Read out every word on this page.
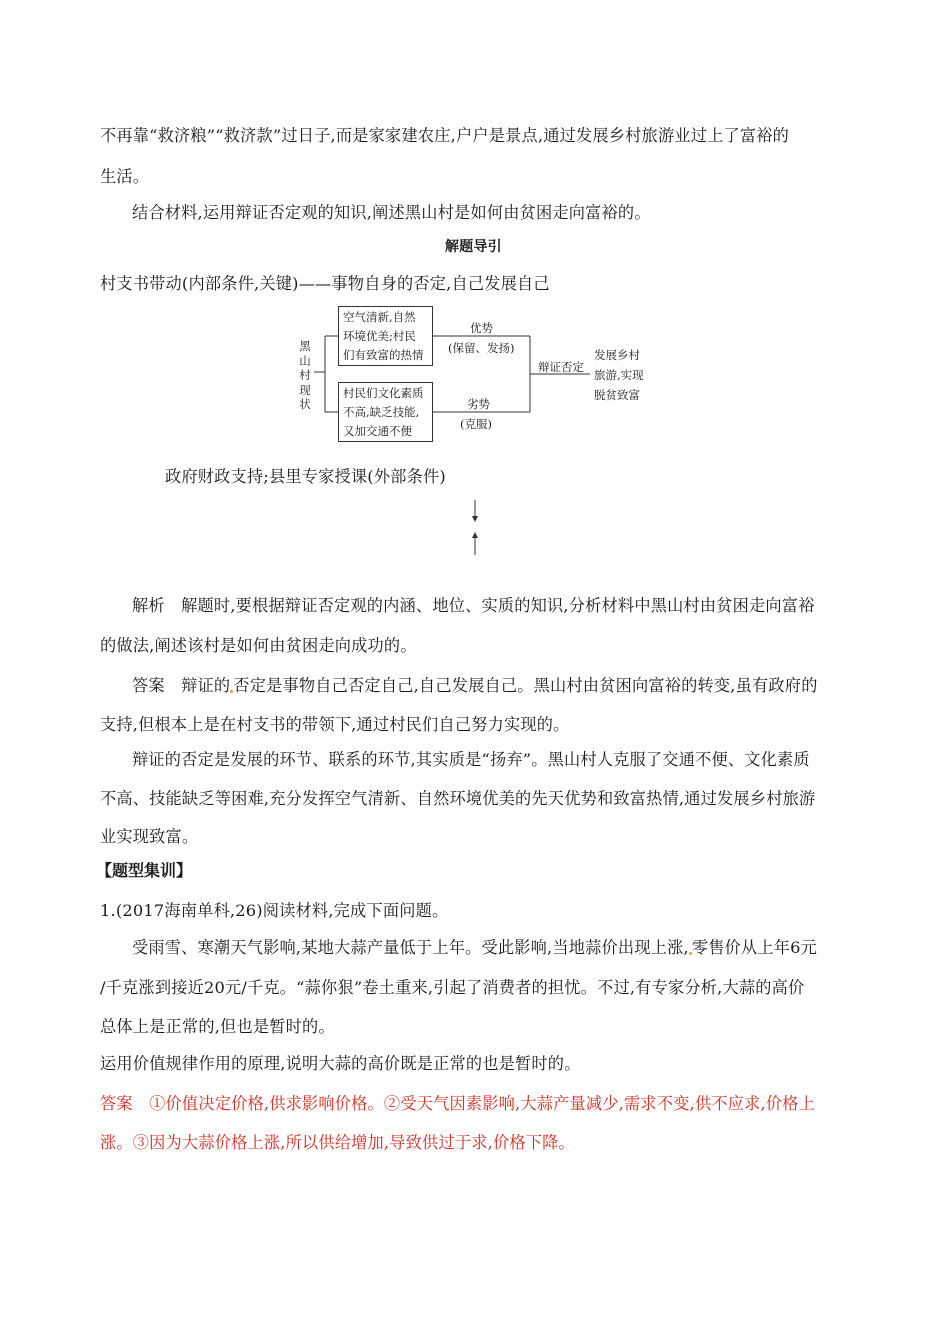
不再靠“救济粮”“救济款”过日子,而是家家建农庄,户户是景点,通过发展乡村旅游业过上了富裕的
生活。
结合材料,运用辩证否定观的知识,阐述黑山村是如何由贫困走向富裕的。
解题导引
村支书带动(内部条件,关键)——事物自身的否定,自己发展自己
黑
山
村
现
状
空气清新,自然
环境优美;村民
们有致富的热情
优势
(保留、发扬)
村民们文化素质
不高,缺乏技能,
又加交通不便
劣势
(克服)
辩证否定
发展乡村
旅游,实现
脱贫致富
政府财政支持;县里专家授课(外部条件)
解析　解题时,要根据辩证否定观的内涵、地位、实质的知识,分析材料中黑山村由贫困走向富裕
的做法,阐述该村是如何由贫困走向成功的。
答案　辩证的 否定是事物自己否定自己,自己发展自己。黑山村由贫困向富裕的转变,虽有政府的
支持,但根本上是在村支书的带领下,通过村民们自己努力实现的。
辩证的否定是发展的环节、联系的环节,其实质是“扬弃”。黑山村人克服了交通不便、文化素质
不高、技能缺乏等困难,充分发挥空气清新、自然环境优美的先天优势和致富热情,通过发展乡村旅游
业实现致富。
【题型集训】
1.(2017海南单科,26)阅读材料,完成下面问题。
受雨雪、寒潮天气影响,某地大蒜产量低于上年。受此影响,当地蒜价出现上涨, 零售价从上年6元
/千克涨到接近20元/千克。“蒜你狠”卷土重来,引起了消费者的担忧。不过,有专家分析,大蒜的高价
总体上是正常的,但也是暂时的。
运用价值规律作用的原理,说明大蒜的高价既是正常的也是暂时的。
答案　①价值决定价格,供求影响价格。②受天气因素影响,大蒜产量减少,需求不变,供不应求,价格上
涨。③因为大蒜价格上涨,所以供给增加,导致供过于求,价格下降。
